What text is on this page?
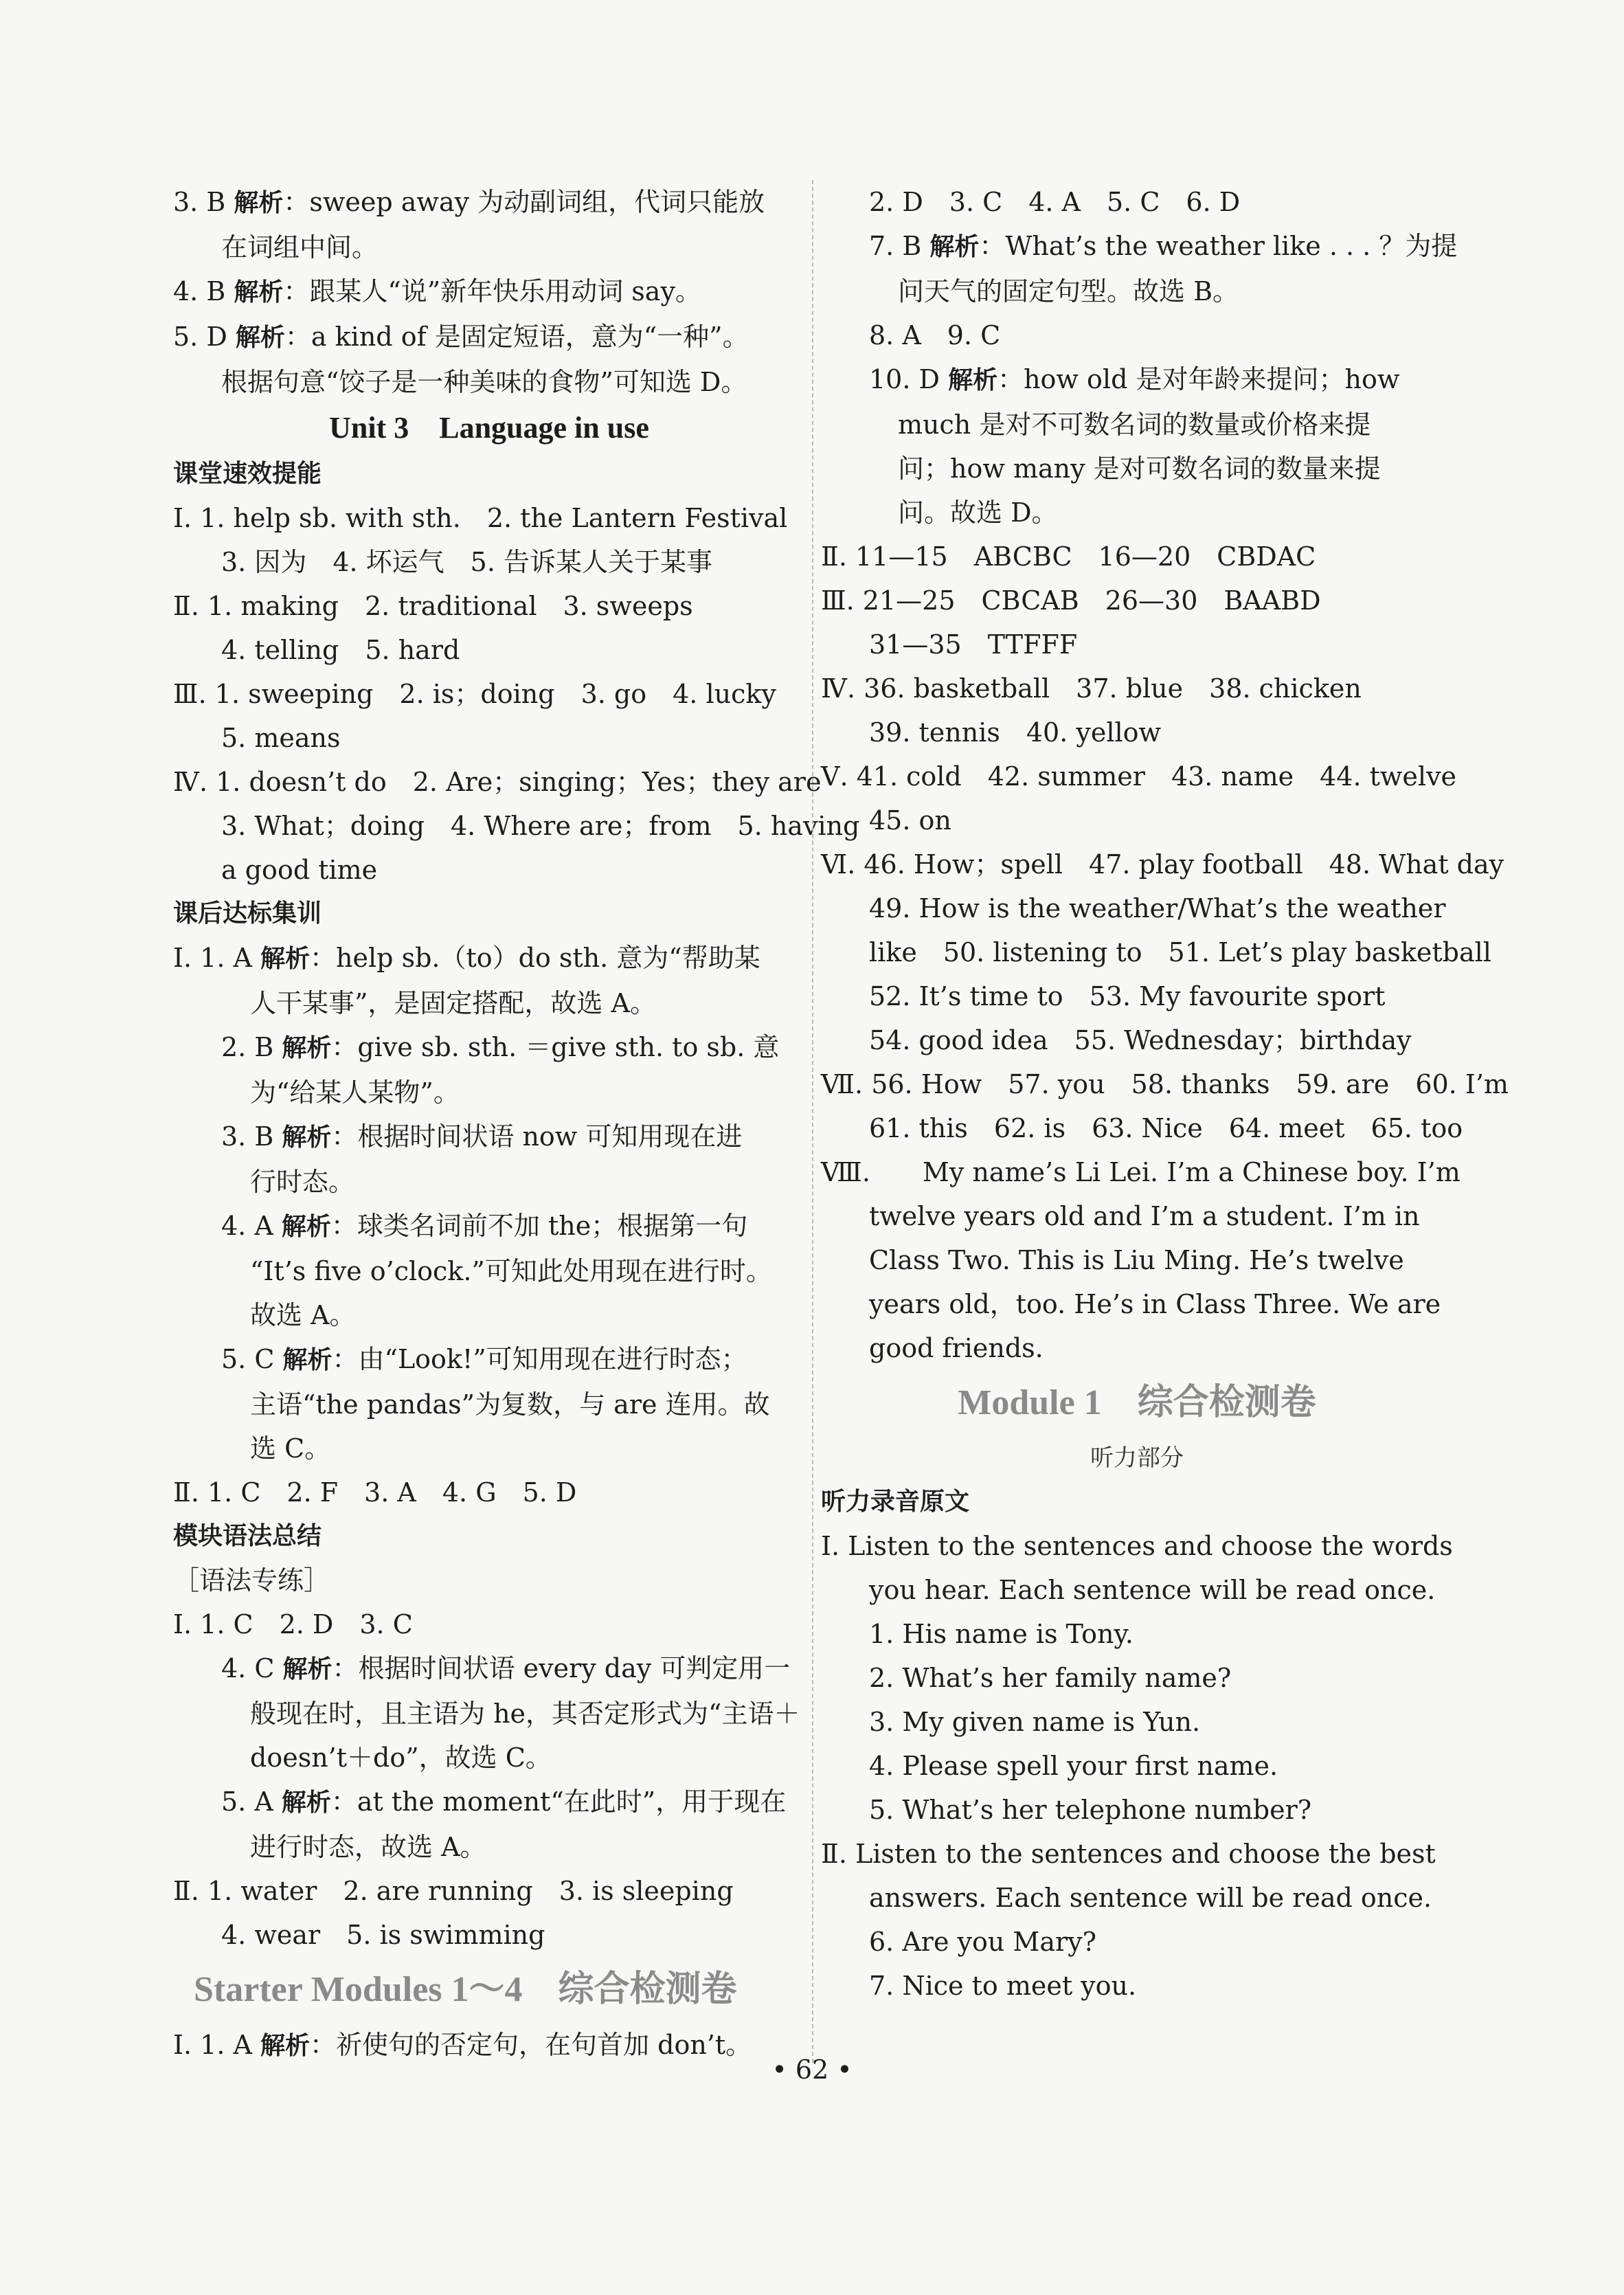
3. B 解析：sweep away 为动副词组，代词只能放
在词组中间。
4. B 解析：跟某人“说”新年快乐用动词 say。
5. D 解析：a kind of 是固定短语，意为“一种”。
根据句意“饺子是一种美味的食物”可知选 D。
Unit 3　Language in use
课堂速效提能
Ⅰ. 1. help sb. with sth.　2. the Lantern Festival
3. 因为　4. 坏运气　5. 告诉某人关于某事
Ⅱ. 1. making　2. traditional　3. sweeps
4. telling　5. hard
Ⅲ. 1. sweeping　2. is；doing　3. go　4. lucky
5. means
Ⅳ. 1. doesn’t do　2. Are；singing；Yes；they are
3. What；doing　4. Where are；from　5. having
a good time
课后达标集训
Ⅰ. 1. A 解析：help sb.（to）do sth. 意为“帮助某
人干某事”，是固定搭配，故选 A。
2. B 解析：give sb. sth. ＝give sth. to sb. 意
为“给某人某物”。
3. B 解析：根据时间状语 now 可知用现在进
行时态。
4. A 解析：球类名词前不加 the；根据第一句
“It’s five o’clock.”可知此处用现在进行时。
故选 A。
5. C 解析：由“Look!”可知用现在进行时态；
主语“the pandas”为复数，与 are 连用。故
选 C。
Ⅱ. 1. C　2. F　3. A　4. G　5. D
模块语法总结
［语法专练］
Ⅰ. 1. C　2. D　3. C
4. C 解析：根据时间状语 every day 可判定用一
般现在时，且主语为 he，其否定形式为“主语＋
doesn’t＋do”，故选 C。
5. A 解析：at the moment“在此时”，用于现在
进行时态，故选 A。
Ⅱ. 1. water　2. are running　3. is sleeping
4. wear　5. is swimming
Starter Modules 1～4　综合检测卷
Ⅰ. 1. A 解析：祈使句的否定句，在句首加 don’t。
2. D　3. C　4. A　5. C　6. D
7. B 解析：What’s the weather like . . . ？为提
问天气的固定句型。故选 B。
8. A　9. C
10. D 解析：how old 是对年龄来提问；how
much 是对不可数名词的数量或价格来提
问；how many 是对可数名词的数量来提
问。故选 D。
Ⅱ. 11—15　ABCBC　16—20　CBDAC
Ⅲ. 21—25　CBCAB　26—30　BAABD
31—35　TTFFF
Ⅳ. 36. basketball　37. blue　38. chicken
39. tennis　40. yellow
Ⅴ. 41. cold　42. summer　43. name　44. twelve
45. on
Ⅵ. 46. How；spell　47. play football　48. What day
49. How is the weather/What’s the weather
like　50. listening to　51. Let’s play basketball
52. It’s time to　53. My favourite sport
54. good idea　55. Wednesday；birthday
Ⅶ. 56. How　57. you　58. thanks　59. are　60. I’m
61. this　62. is　63. Nice　64. meet　65. too
Ⅷ.　　My name’s Li Lei. I’m a Chinese boy. I’m
twelve years old and I’m a student. I’m in
Class Two. This is Liu Ming. He’s twelve
years old，too. He’s in Class Three. We are
good friends.
Module 1　综合检测卷
听力部分
听力录音原文
Ⅰ. Listen to the sentences and choose the words
you hear. Each sentence will be read once.
1. His name is Tony.
2. What’s her family name?
3. My given name is Yun.
4. Please spell your first name.
5. What’s her telephone number?
Ⅱ. Listen to the sentences and choose the best
answers. Each sentence will be read once.
6. Are you Mary?
7. Nice to meet you.
• 62 •
